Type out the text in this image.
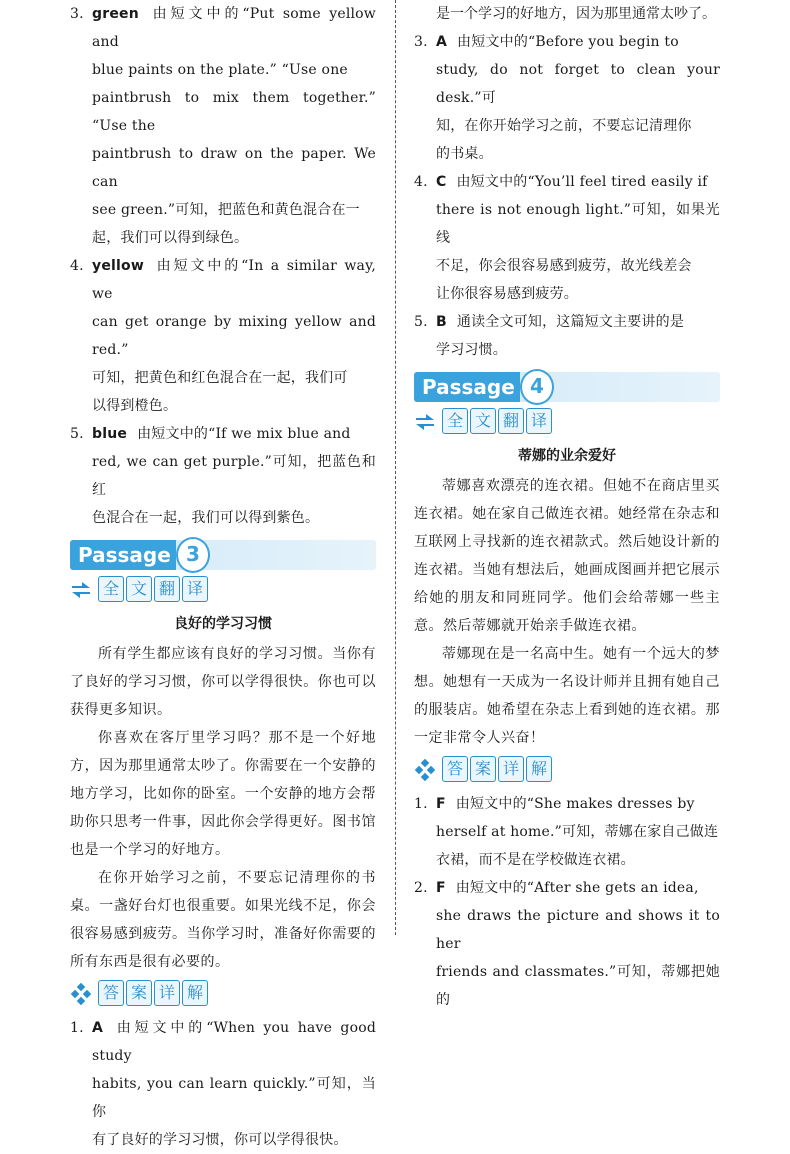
3. green 由短文中的“Put some yellow and
blue paints on the plate.” “Use one
paintbrush to mix them together.” “Use the
paintbrush to draw on the paper. We can
see green.”可知，把蓝色和黄色混合在一
起，我们可以得到绿色。
4. yellow 由短文中的“In a similar way, we
can get orange by mixing yellow and red.”
可知，把黄色和红色混合在一起，我们可
以得到橙色。
5. blue 由短文中的“If we mix blue and
red, we can get purple.”可知，把蓝色和红
色混合在一起，我们可以得到紫色。
Passage 3
全 文 翻 译
良好的学习习惯
所有学生都应该有良好的学习习惯。当你有了良好的学习习惯，你可以学得很快。你也可以获得更多知识。
你喜欢在客厅里学习吗？那不是一个好地方，因为那里通常太吵了。你需要在一个安静的地方学习，比如你的卧室。一个安静的地方会帮助你只思考一件事，因此你会学得更好。图书馆也是一个学习的好地方。
在你开始学习之前，不要忘记清理你的书桌。一盏好台灯也很重要。如果光线不足，你会很容易感到疲劳。当你学习时，准备好你需要的所有东西是很有必要的。
答 案 详 解
1. A 由短文中的“When you have good study
habits, you can learn quickly.”可知，当你
有了良好的学习习惯，你可以学得很快。
是一个学习的好地方，因为那里通常太吵了。
3. A 由短文中的“Before you begin to
study, do not forget to clean your desk.”可
知，在你开始学习之前，不要忘记清理你
的书桌。
4. C 由短文中的“You’ll feel tired easily if
there is not enough light.”可知，如果光线
不足，你会很容易感到疲劳，故光线差会
让你很容易感到疲劳。
5. B 通读全文可知，这篇短文主要讲的是
学习习惯。
Passage 4
全 文 翻 译
蒂娜的业余爱好
蒂娜喜欢漂亮的连衣裙。但她不在商店里买连衣裙。她在家自己做连衣裙。她经常在杂志和互联网上寻找新的连衣裙款式。然后她设计新的连衣裙。当她有想法后，她画成图画并把它展示给她的朋友和同班同学。他们会给蒂娜一些主意。然后蒂娜就开始亲手做连衣裙。
蒂娜现在是一名高中生。她有一个远大的梦想。她想有一天成为一名设计师并且拥有她自己的服装店。她希望在杂志上看到她的连衣裙。那一定非常令人兴奋！
答 案 详 解
1. F 由短文中的“She makes dresses by
herself at home.”可知，蒂娜在家自己做连
衣裙，而不是在学校做连衣裙。
2. F 由短文中的“After she gets an idea,
she draws the picture and shows it to her
friends and classmates.”可知，蒂娜把她的
